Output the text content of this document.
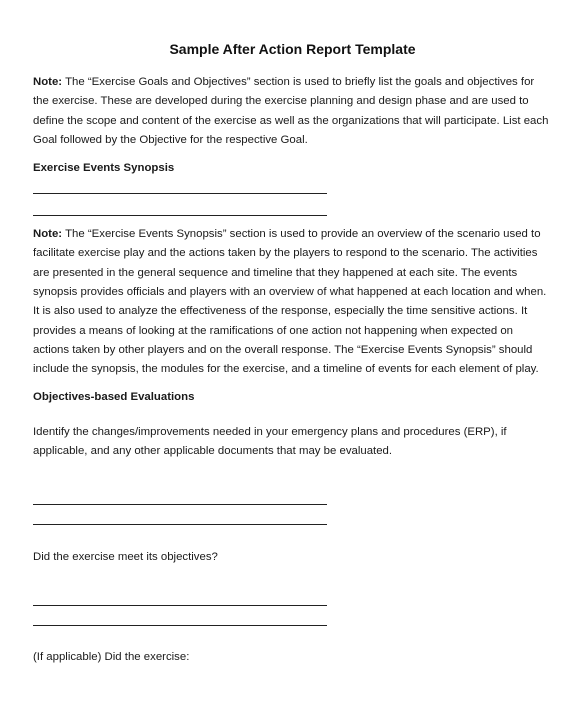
Sample After Action Report Template

Note: The “Exercise Goals and Objectives” section is used to briefly list the goals and objectives for the exercise. These are developed during the exercise planning and design phase and are used to define the scope and content of the exercise as well as the organizations that will participate. List each Goal followed by the Objective for the respective Goal.

Exercise Events Synopsis

Note: The “Exercise Events Synopsis” section is used to provide an overview of the scenario used to facilitate exercise play and the actions taken by the players to respond to the scenario. The activities are presented in the general sequence and timeline that they happened at each site. The events synopsis provides officials and players with an overview of what happened at each location and when. It is also used to analyze the effectiveness of the response, especially the time sensitive actions. It provides a means of looking at the ramifications of one action not happening when expected on actions taken by other players and on the overall response. The “Exercise Events Synopsis” should include the synopsis, the modules for the exercise, and a timeline of events for each element of play.

Objectives-based Evaluations

Identify the changes/improvements needed in your emergency plans and procedures (ERP), if applicable, and any other applicable documents that may be evaluated.

Did the exercise meet its objectives?

(If applicable) Did the exercise:
